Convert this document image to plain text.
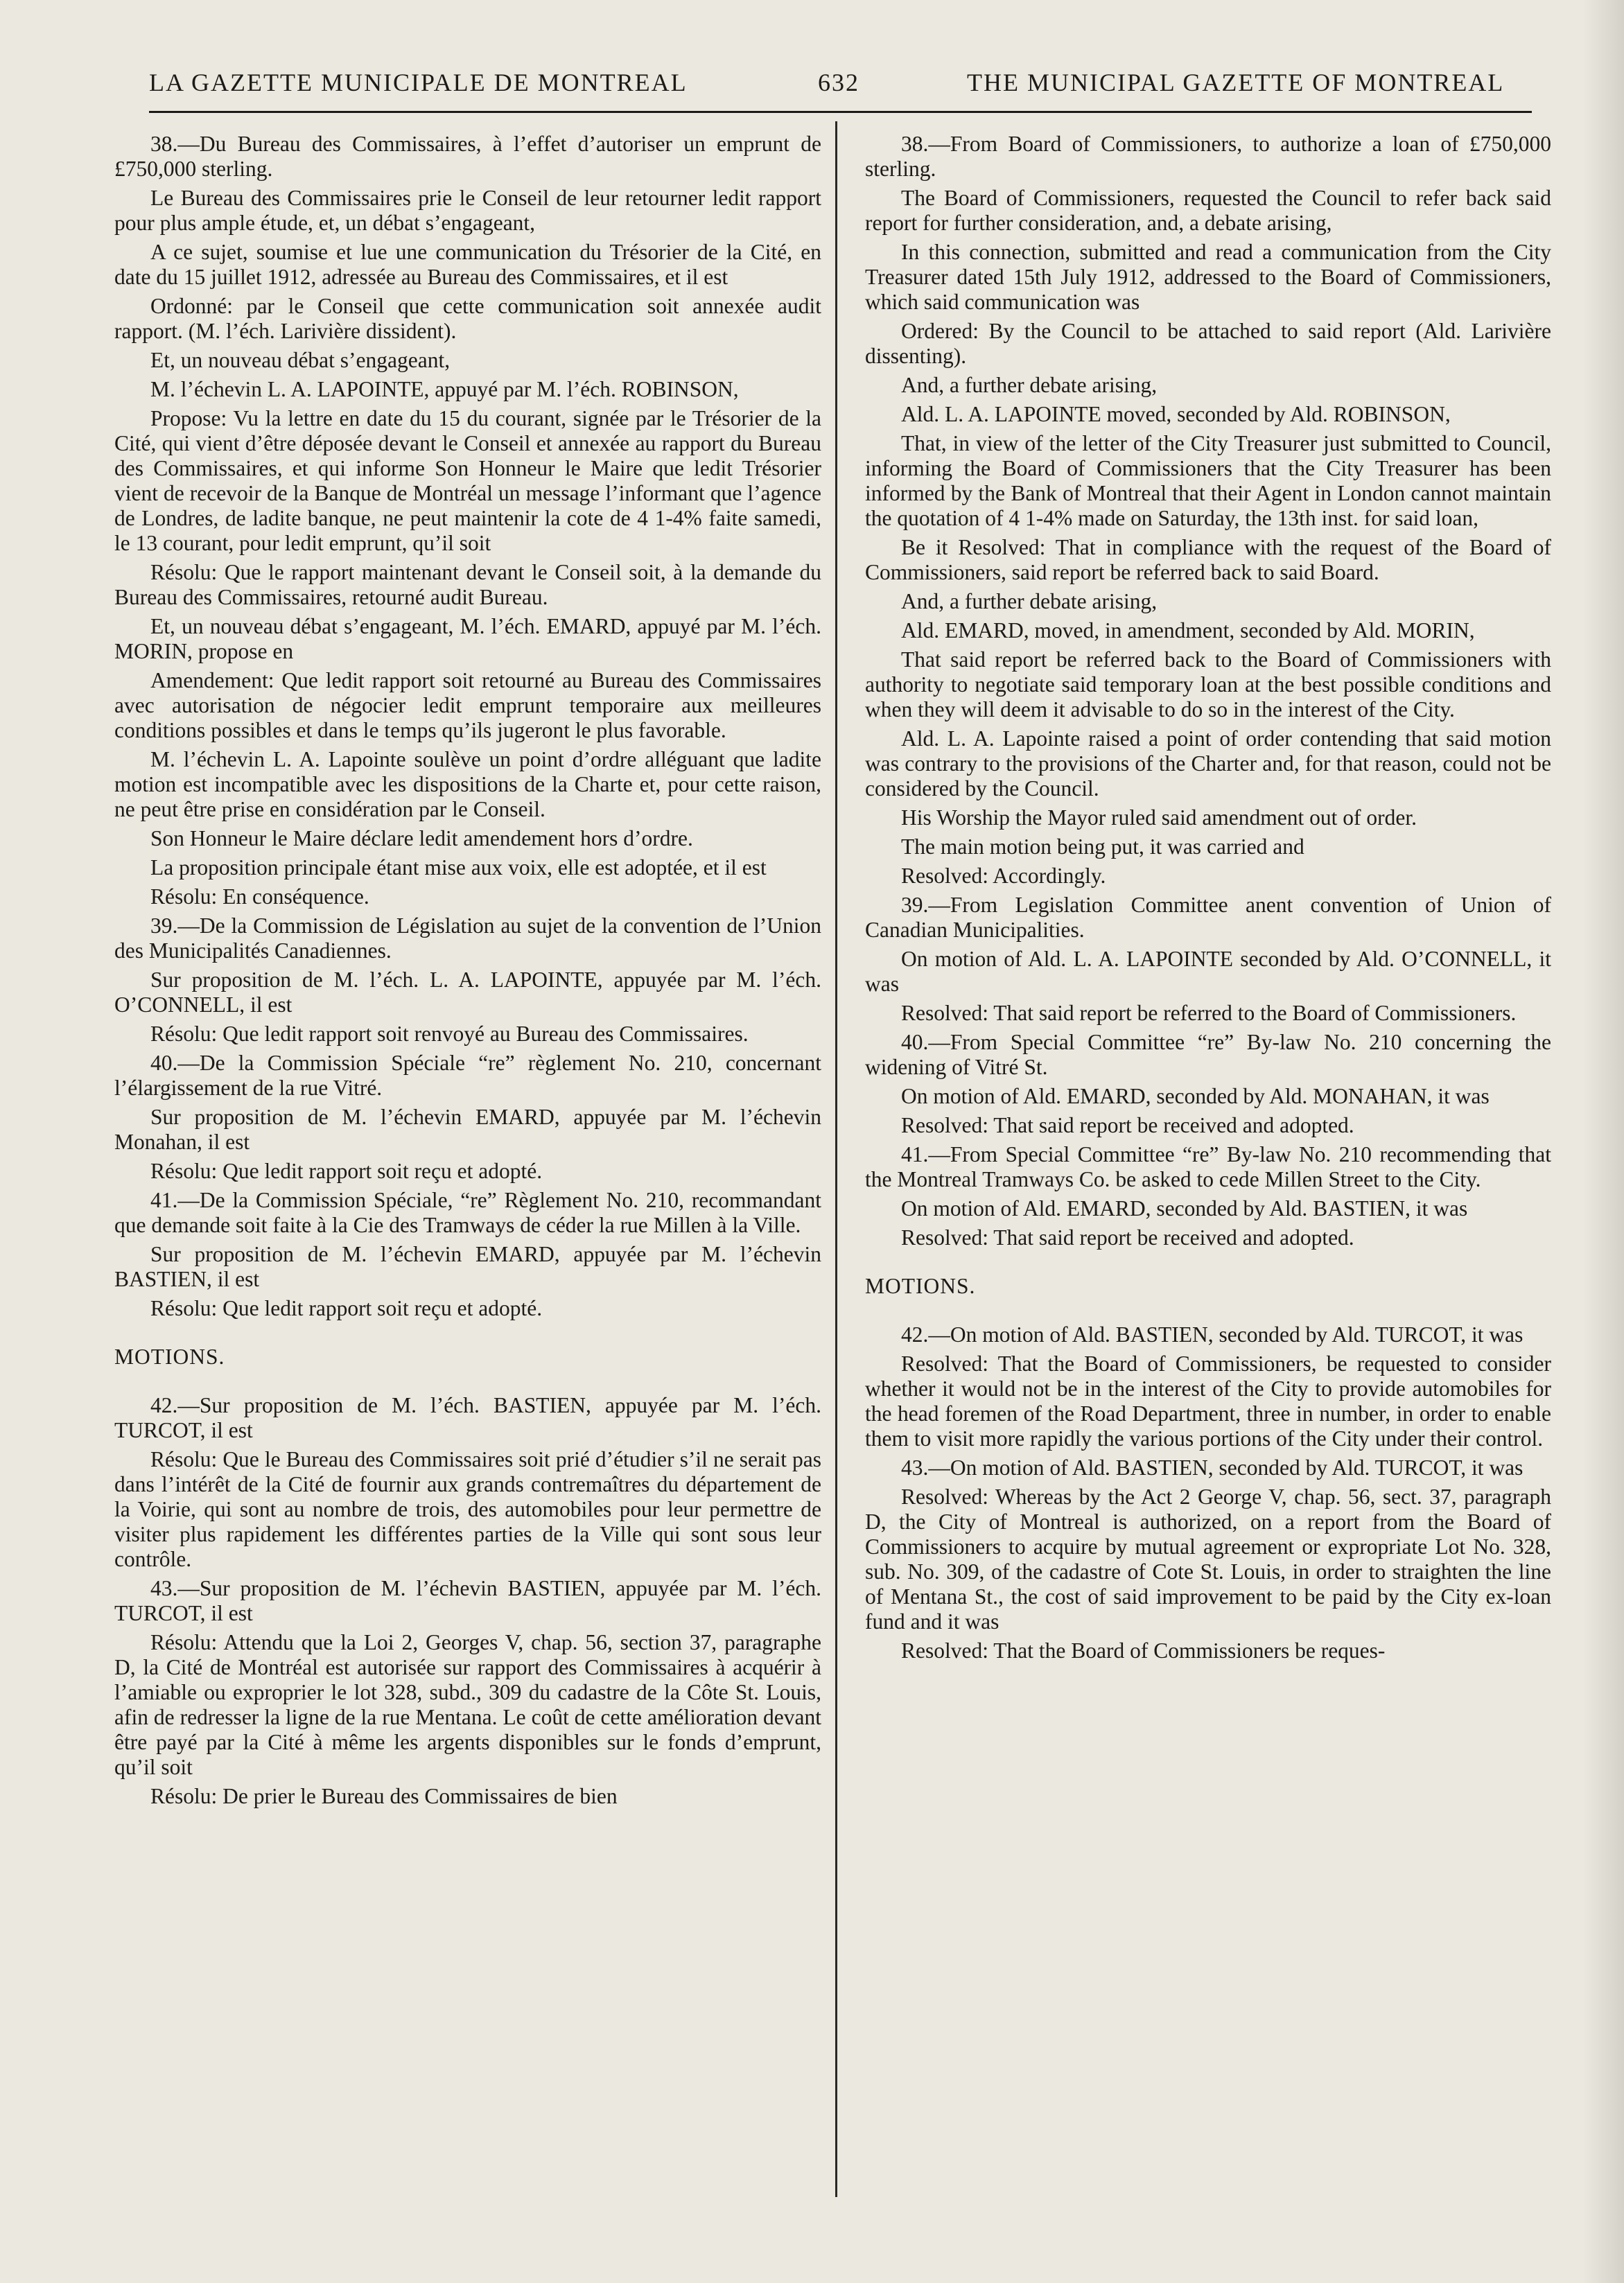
LA GAZETTE MUNICIPALE DE MONTREAL	632	THE MUNICIPAL GAZETTE OF MONTREAL

38.—Du Bureau des Commissaires, à l’effet d’autoriser un emprunt de £750,000 sterling.

Le Bureau des Commissaires prie le Conseil de leur retourner ledit rapport pour plus ample étude, et, un débat s’engageant,

A ce sujet, soumise et lue une communication du Trésorier de la Cité, en date du 15 juillet 1912, adressée au Bureau des Commissaires, et il est

Ordonné: par le Conseil que cette communication soit annexée audit rapport. (M. l’éch. Larivière dissident).

Et, un nouveau débat s’engageant,

M. l’échevin L. A. LAPOINTE, appuyé par M. l’éch. ROBINSON,

Propose: Vu la lettre en date du 15 du courant, signée par le Trésorier de la Cité, qui vient d’être déposée devant le Conseil et annexée au rapport du Bureau des Commissaires, et qui informe Son Honneur le Maire que ledit Trésorier vient de recevoir de la Banque de Montréal un message l’informant que l’agence de Londres, de ladite banque, ne peut maintenir la cote de 4 1-4% faite samedi, le 13 courant, pour ledit emprunt, qu’il soit

Résolu: Que le rapport maintenant devant le Conseil soit, à la demande du Bureau des Commissaires, retourné audit Bureau.

Et, un nouveau débat s’engageant, M. l’éch. EMARD, appuyé par M. l’éch. MORIN, propose en

Amendement: Que ledit rapport soit retourné au Bureau des Commissaires avec autorisation de négocier ledit emprunt temporaire aux meilleures conditions possibles et dans le temps qu’ils jugeront le plus favorable.

M. l’échevin L. A. Lapointe soulève un point d’ordre alléguant que ladite motion est incompatible avec les dispositions de la Charte et, pour cette raison, ne peut être prise en considération par le Conseil.

Son Honneur le Maire déclare ledit amendement hors d’ordre.

La proposition principale étant mise aux voix, elle est adoptée, et il est

Résolu: En conséquence.

39.—De la Commission de Législation au sujet de la convention de l’Union des Municipalités Canadiennes.

Sur proposition de M. l’éch. L. A. LAPOINTE, appuyée par M. l’éch. O’CONNELL, il est

Résolu: Que ledit rapport soit renvoyé au Bureau des Commissaires.

40.—De la Commission Spéciale “re” règlement No. 210, concernant l’élargissement de la rue Vitré.

Sur proposition de M. l’échevin EMARD, appuyée par M. l’échevin Monahan, il est

Résolu: Que ledit rapport soit reçu et adopté.

41.—De la Commission Spéciale, “re” Règlement No. 210, recommandant que demande soit faite à la Cie des Tramways de céder la rue Millen à la Ville.

Sur proposition de M. l’échevin EMARD, appuyée par M. l’échevin BASTIEN, il est

Résolu: Que ledit rapport soit reçu et adopté.

MOTIONS.

42.—Sur proposition de M. l’éch. BASTIEN, appuyée par M. l’éch. TURCOT, il est

Résolu: Que le Bureau des Commissaires soit prié d’étudier s’il ne serait pas dans l’intérêt de la Cité de fournir aux grands contremaîtres du département de la Voirie, qui sont au nombre de trois, des automobiles pour leur permettre de visiter plus rapidement les différentes parties de la Ville qui sont sous leur contrôle.

43.—Sur proposition de M. l’échevin BASTIEN, appuyée par M. l’éch. TURCOT, il est

Résolu: Attendu que la Loi 2, Georges V, chap. 56, section 37, paragraphe D, la Cité de Montréal est autorisée sur rapport des Commissaires à acquérir à l’amiable ou exproprier le lot 328, subd., 309 du cadastre de la Côte St. Louis, afin de redresser la ligne de la rue Mentana. Le coût de cette amélioration devant être payé par la Cité à même les argents disponibles sur le fonds d’emprunt, qu’il soit

Résolu: De prier le Bureau des Commissaires de bien

38.—From Board of Commissioners, to authorize a loan of £750,000 sterling.

The Board of Commissioners, requested the Council to refer back said report for further consideration, and, a debate arising,

In this connection, submitted and read a communication from the City Treasurer dated 15th July 1912, addressed to the Board of Commissioners, which said communication was

Ordered: By the Council to be attached to said report (Ald. Larivière dissenting).

And, a further debate arising,

Ald. L. A. LAPOINTE moved, seconded by Ald. ROBINSON,

That, in view of the letter of the City Treasurer just submitted to Council, informing the Board of Commissioners that the City Treasurer has been informed by the Bank of Montreal that their Agent in London cannot maintain the quotation of 4 1-4% made on Saturday, the 13th inst. for said loan,

Be it Resolved: That in compliance with the request of the Board of Commissioners, said report be referred back to said Board.

And, a further debate arising,

Ald. EMARD, moved, in amendment, seconded by Ald. MORIN,

That said report be referred back to the Board of Commissioners with authority to negotiate said temporary loan at the best possible conditions and when they will deem it advisable to do so in the interest of the City.

Ald. L. A. Lapointe raised a point of order contending that said motion was contrary to the provisions of the Charter and, for that reason, could not be considered by the Council.

His Worship the Mayor ruled said amendment out of order.

The main motion being put, it was carried and

Resolved: Accordingly.

39.—From Legislation Committee anent convention of Union of Canadian Municipalities.

On motion of Ald. L. A. LAPOINTE seconded by Ald. O’CONNELL, it was

Resolved: That said report be referred to the Board of Commissioners.

40.—From Special Committee “re” By-law No. 210 concerning the widening of Vitré St.

On motion of Ald. EMARD, seconded by Ald. MONAHAN, it was

Resolved: That said report be received and adopted.

41.—From Special Committee “re” By-law No. 210 recommending that the Montreal Tramways Co. be asked to cede Millen Street to the City.

On motion of Ald. EMARD, seconded by Ald. BASTIEN, it was

Resolved: That said report be received and adopted.

MOTIONS.

42.—On motion of Ald. BASTIEN, seconded by Ald. TURCOT, it was

Resolved: That the Board of Commissioners, be requested to consider whether it would not be in the interest of the City to provide automobiles for the head foremen of the Road Department, three in number, in order to enable them to visit more rapidly the various portions of the City under their control.

43.—On motion of Ald. BASTIEN, seconded by Ald. TURCOT, it was

Resolved: Whereas by the Act 2 George V, chap. 56, sect. 37, paragraph D, the City of Montreal is authorized, on a report from the Board of Commissioners to acquire by mutual agreement or expropriate Lot No. 328, sub. No. 309, of the cadastre of Cote St. Louis, in order to straighten the line of Mentana St., the cost of said improvement to be paid by the City ex-loan fund and it was

Resolved: That the Board of Commissioners be reques-
